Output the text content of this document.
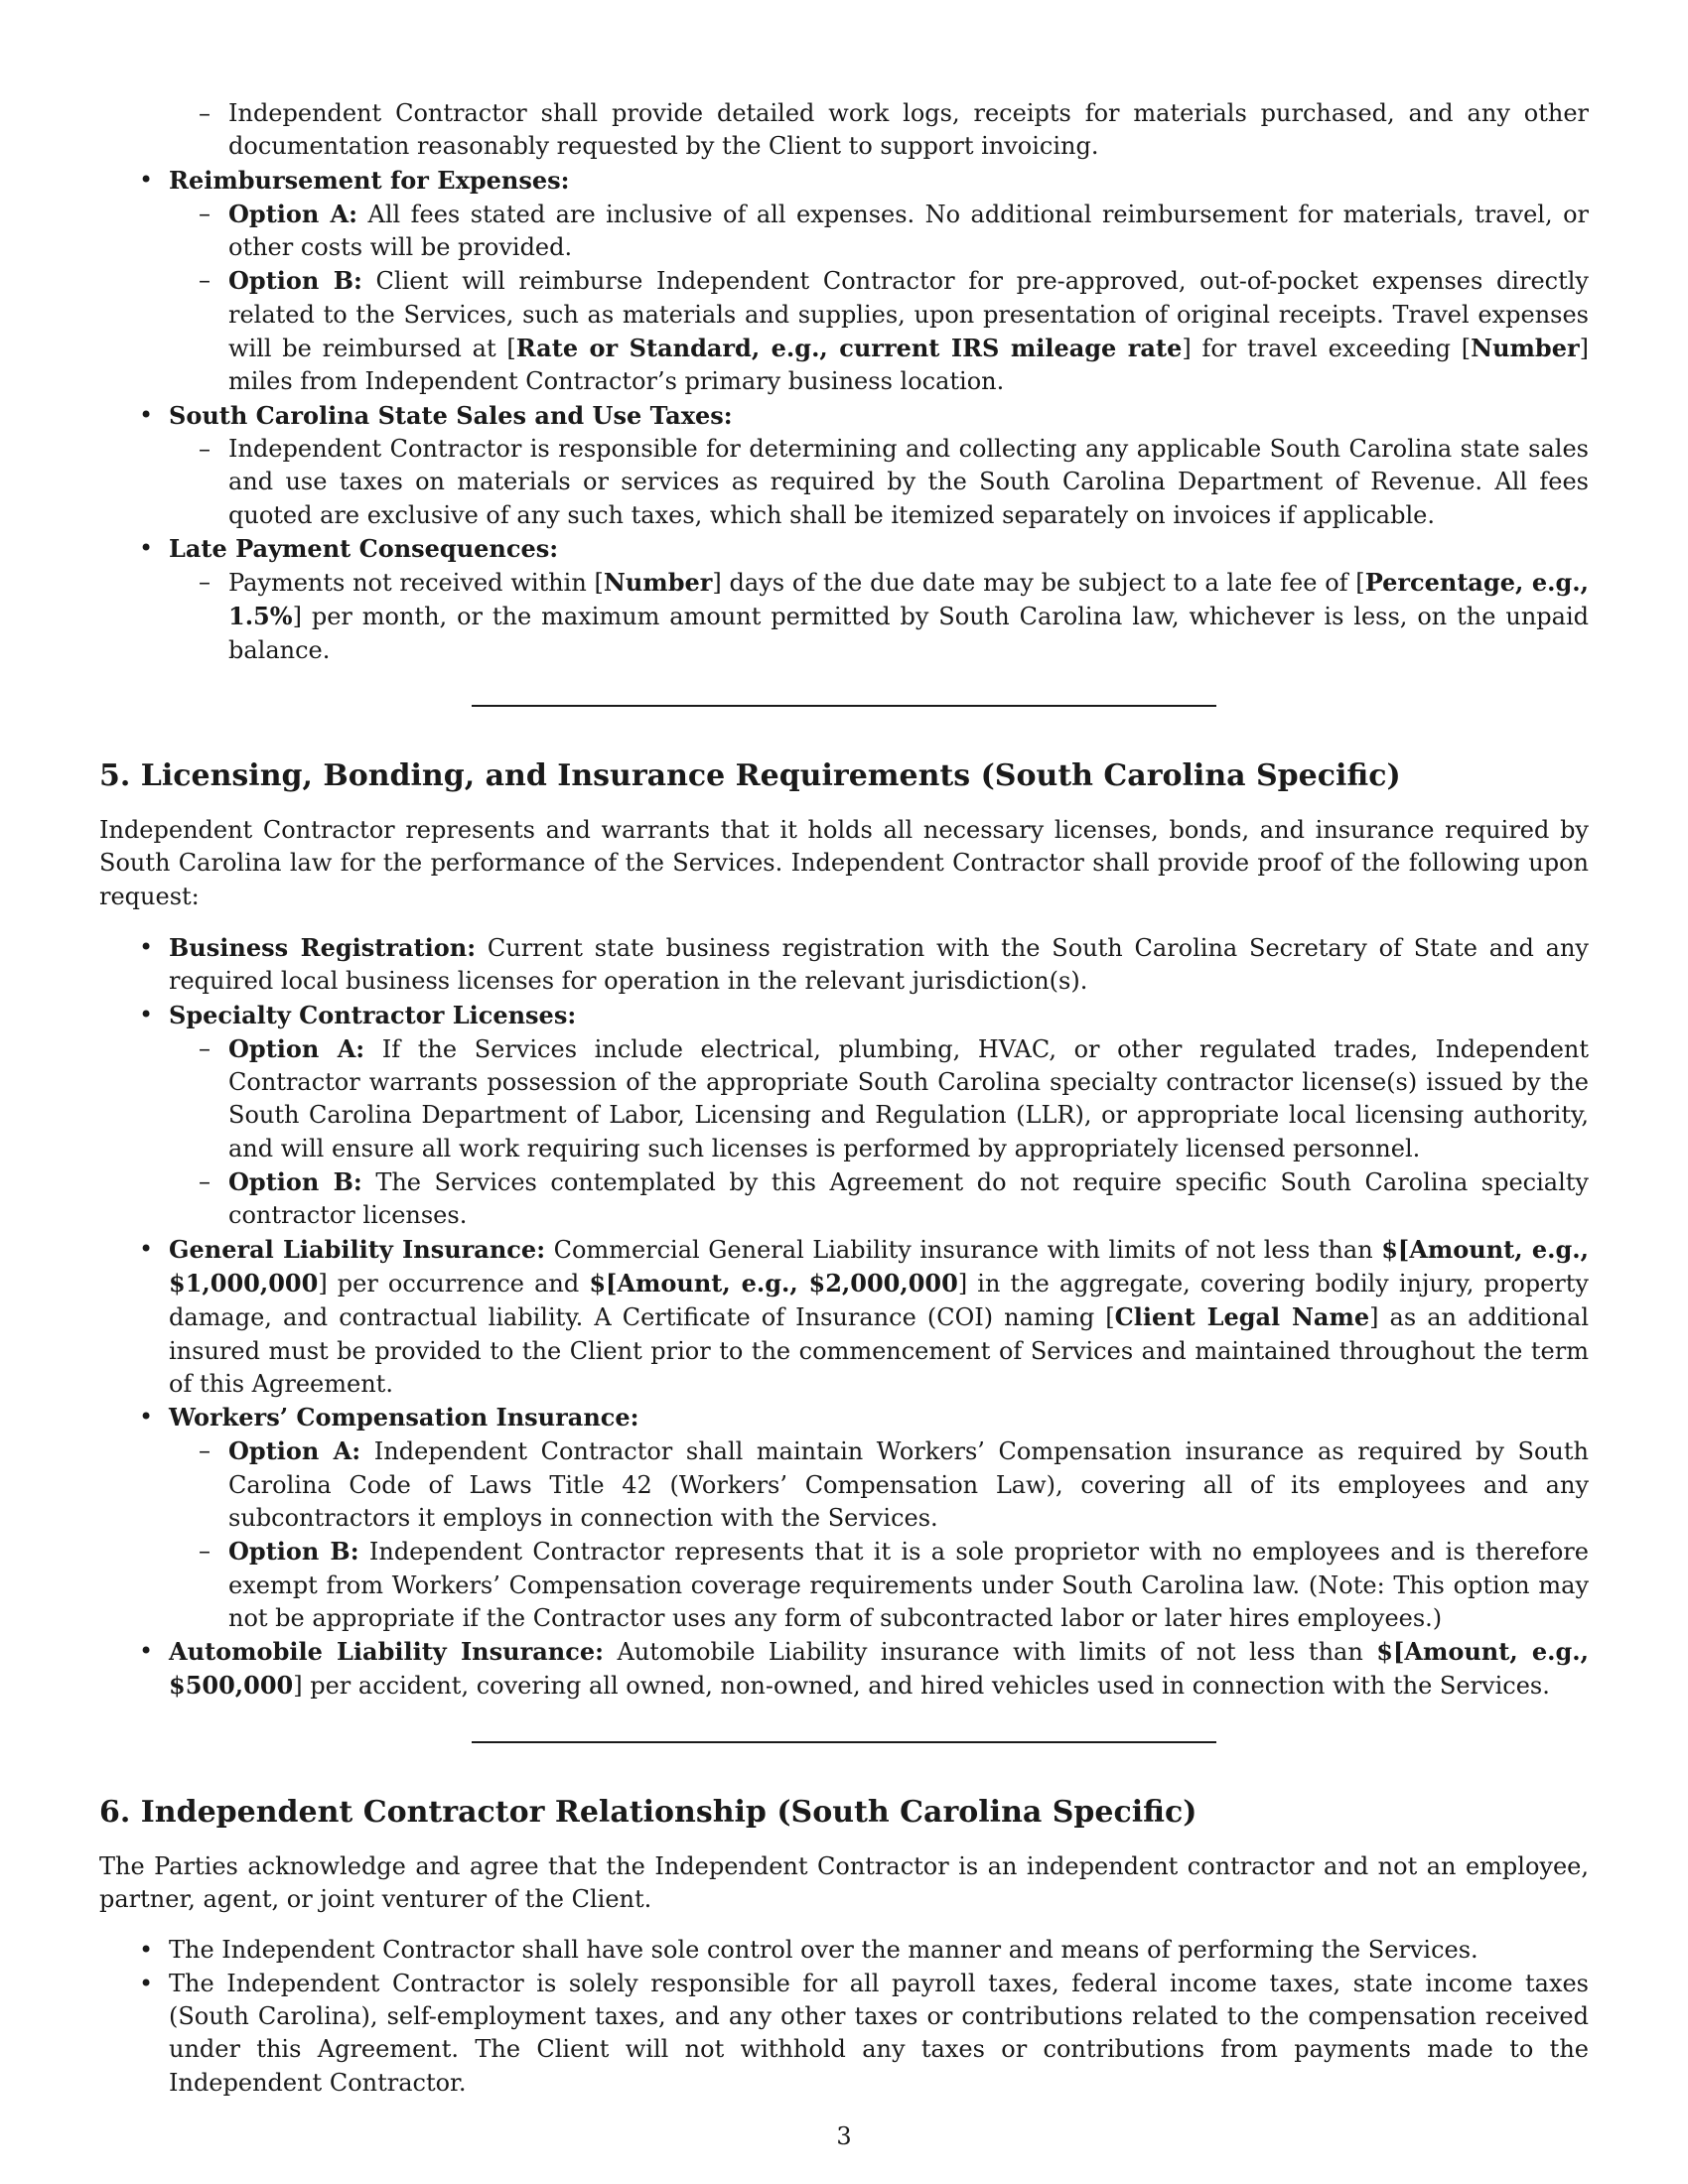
– Independent Contractor shall provide detailed work logs, receipts for materials purchased, and any other documentation reasonably requested by the Client to support invoicing.
• Reimbursement for Expenses:
– Option A: All fees stated are inclusive of all expenses. No additional reimbursement for materials, travel, or other costs will be provided.
– Option B: Client will reimburse Independent Contractor for pre-approved, out-of-pocket expenses directly related to the Services, such as materials and supplies, upon presentation of original receipts. Travel expenses will be reimbursed at [Rate or Standard, e.g., current IRS mileage rate] for travel exceeding [Number] miles from Independent Contractor’s primary business location.
• South Carolina State Sales and Use Taxes:
– Independent Contractor is responsible for determining and collecting any applicable South Carolina state sales and use taxes on materials or services as required by the South Carolina Department of Revenue. All fees quoted are exclusive of any such taxes, which shall be itemized separately on invoices if applicable.
• Late Payment Consequences:
– Payments not received within [Number] days of the due date may be subject to a late fee of [Percentage, e.g., 1.5%] per month, or the maximum amount permitted by South Carolina law, whichever is less, on the unpaid balance.
5. Licensing, Bonding, and Insurance Requirements (South Carolina Specific)

Independent Contractor represents and warrants that it holds all necessary licenses, bonds, and insurance required by South Carolina law for the performance of the Services. Independent Contractor shall provide proof of the following upon request:

• Business Registration: Current state business registration with the South Carolina Secretary of State and any required local business licenses for operation in the relevant jurisdiction(s).
• Specialty Contractor Licenses:
– Option A: If the Services include electrical, plumbing, HVAC, or other regulated trades, Independent Contractor warrants possession of the appropriate South Carolina specialty contractor license(s) issued by the South Carolina Department of Labor, Licensing and Regulation (LLR), or appropriate local licensing authority, and will ensure all work requiring such licenses is performed by appropriately licensed personnel.
– Option B: The Services contemplated by this Agreement do not require specific South Carolina specialty contractor licenses.
• General Liability Insurance: Commercial General Liability insurance with limits of not less than $[Amount, e.g., $1,000,000] per occurrence and $[Amount, e.g., $2,000,000] in the aggregate, covering bodily injury, property damage, and contractual liability. A Certificate of Insurance (COI) naming [Client Legal Name] as an additional insured must be provided to the Client prior to the commencement of Services and maintained throughout the term of this Agreement.
• Workers’ Compensation Insurance:
– Option A: Independent Contractor shall maintain Workers’ Compensation insurance as required by South Carolina Code of Laws Title 42 (Workers’ Compensation Law), covering all of its employees and any subcontractors it employs in connection with the Services.
– Option B: Independent Contractor represents that it is a sole proprietor with no employees and is therefore exempt from Workers’ Compensation coverage requirements under South Carolina law. (Note: This option may not be appropriate if the Contractor uses any form of subcontracted labor or later hires employees.)
• Automobile Liability Insurance: Automobile Liability insurance with limits of not less than $[Amount, e.g., $500,000] per accident, covering all owned, non-owned, and hired vehicles used in connection with the Services.
6. Independent Contractor Relationship (South Carolina Specific)

The Parties acknowledge and agree that the Independent Contractor is an independent contractor and not an employee, partner, agent, or joint venturer of the Client.

• The Independent Contractor shall have sole control over the manner and means of performing the Services.
• The Independent Contractor is solely responsible for all payroll taxes, federal income taxes, state income taxes (South Carolina), self-employment taxes, and any other taxes or contributions related to the compensation received under this Agreement. The Client will not withhold any taxes or contributions from payments made to the Independent Contractor.
3
